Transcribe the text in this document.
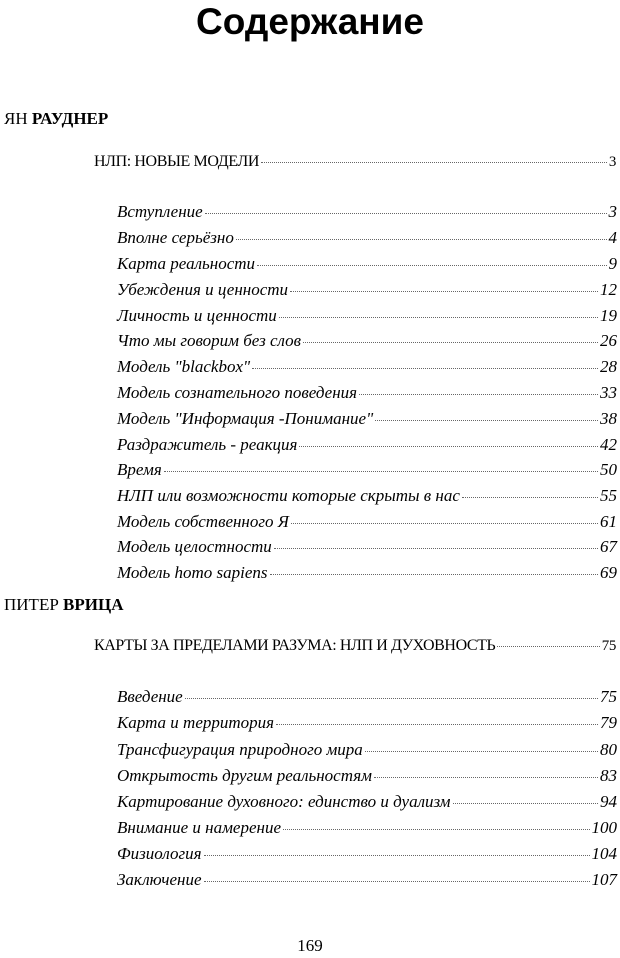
Содержание
ЯН РАУДНЕР
НЛП: НОВЫЕ МОДЕЛИ	3
Вступление	3
Вполне серьёзно	4
Карта реальности	9
Убеждения и ценности	12
Личность и ценности	19
Что мы говорим без слов	26
Модель "blackbox"	28
Модель сознательного поведения	33
Модель "Информация -Понимание"	38
Раздражитель - реакция	42
Время	50
НЛП или возможности которые скрыты в нас	55
Модель собственного Я	61
Модель целостности	67
Модель homo sapiens	69
ПИТЕР ВРИЦА
КАРТЫ ЗА ПРЕДЕЛАМИ РАЗУМА: НЛП И ДУХОВНОСТЬ	75
Введение	75
Карта и территория	79
Трансфигурация природного мира	80
Открытость другим реальностям	83
Картирование духовного: единство и дуализм	94
Внимание и намерение	100
Физиология	104
Заключение	107
169
